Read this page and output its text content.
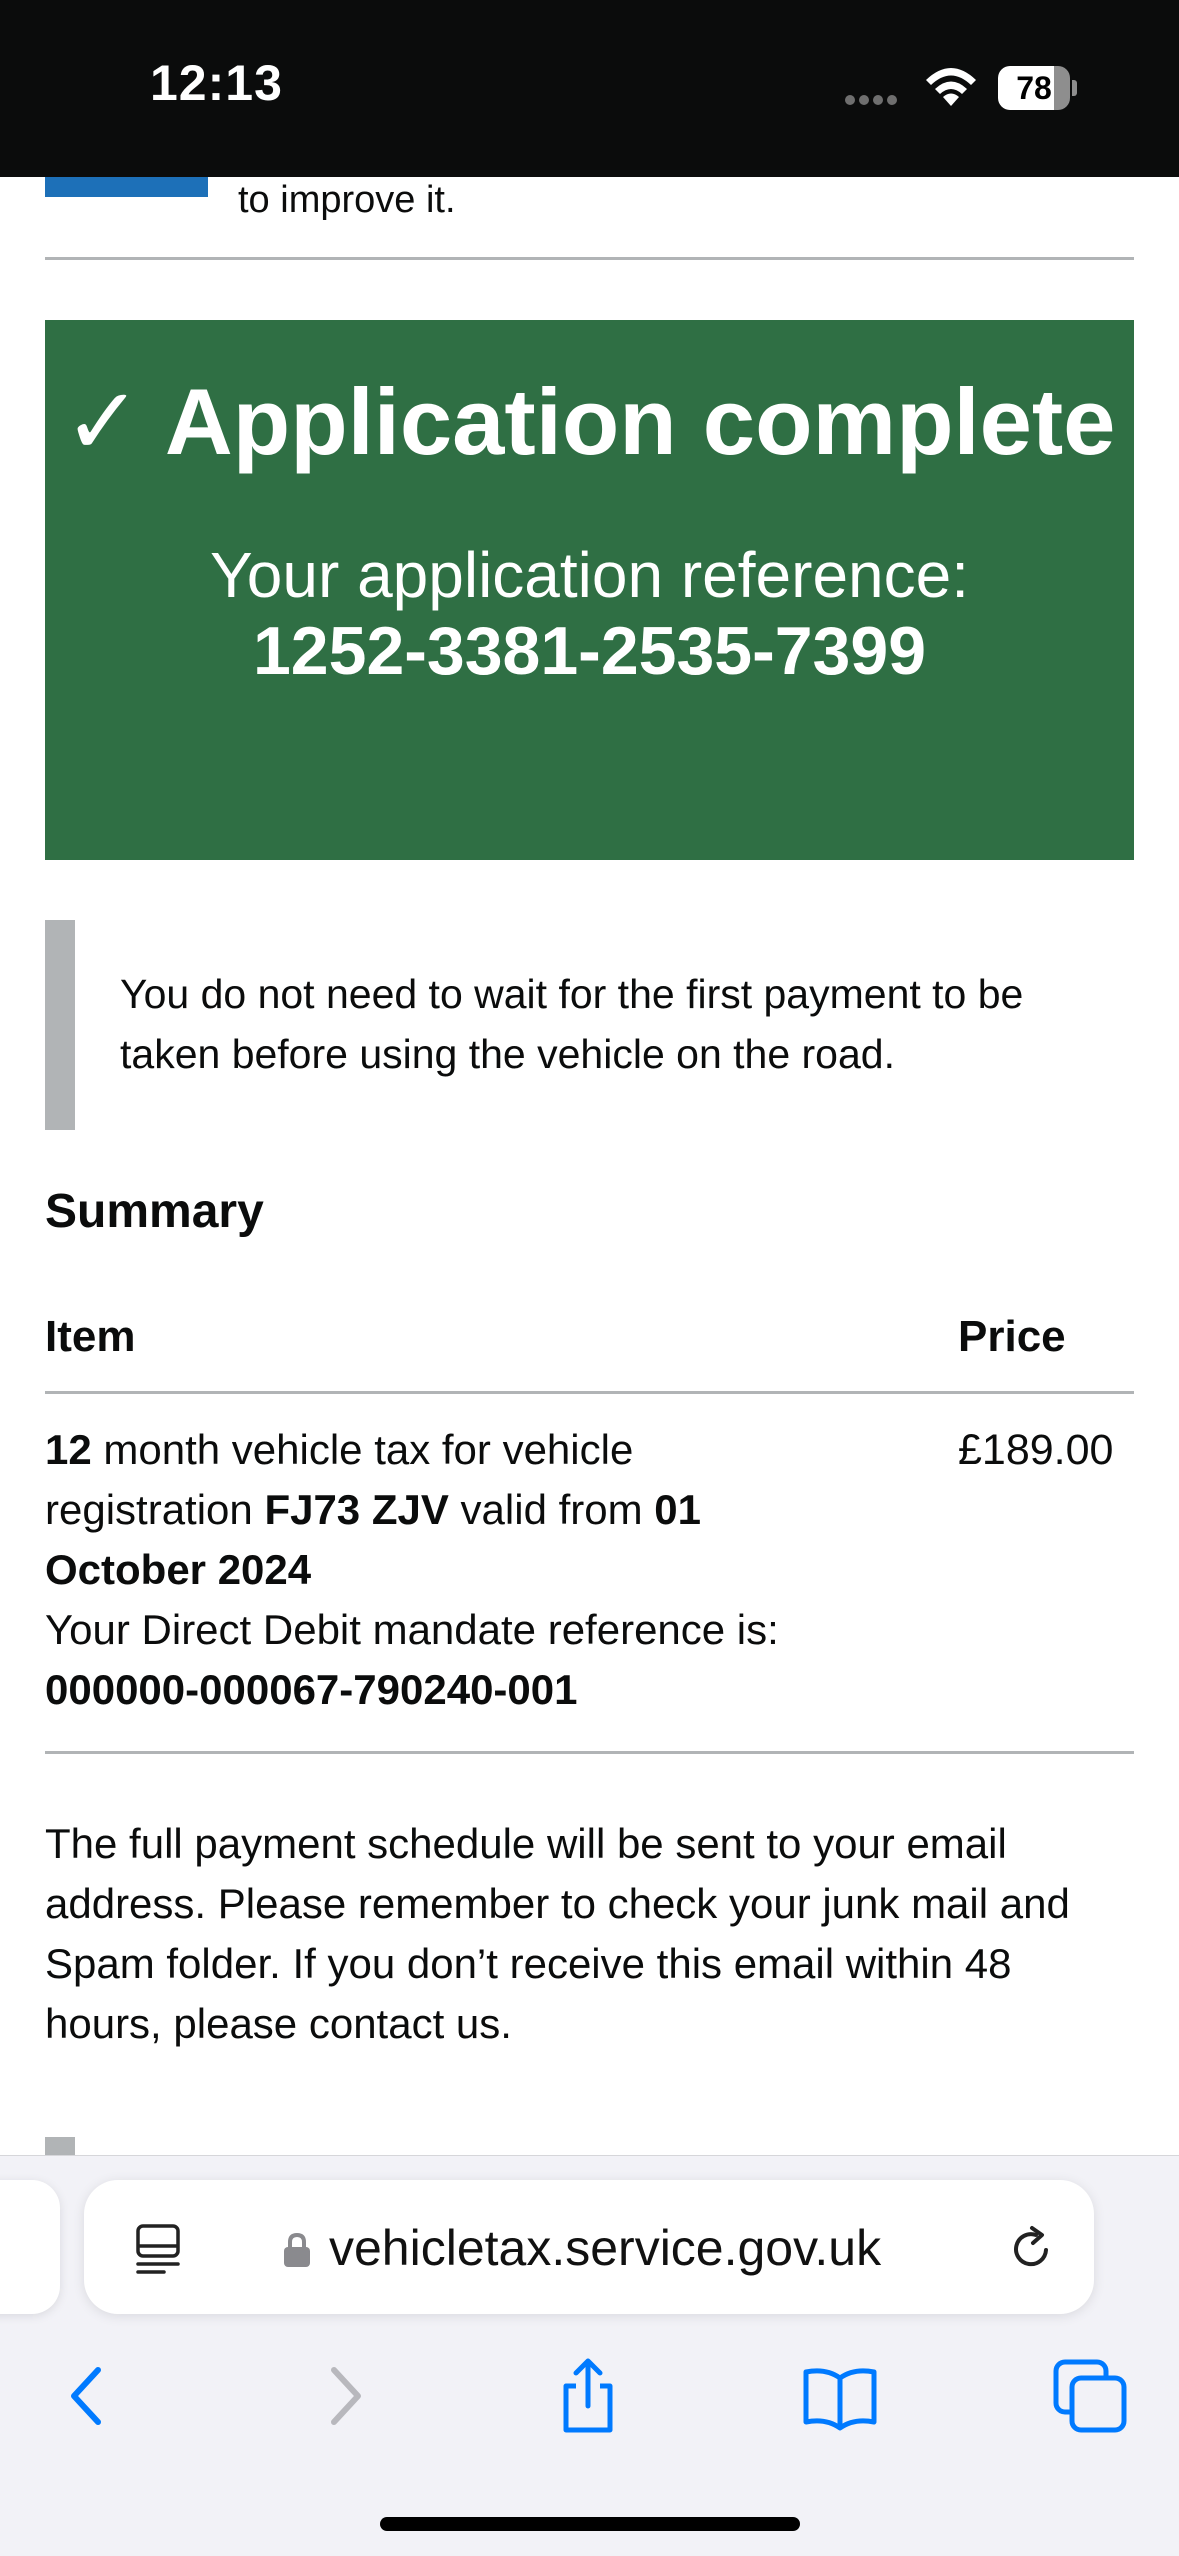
12:13	78
to improve it.
✓ Application complete
Your application reference:
1252-3381-2535-7399
You do not need to wait for the first payment to be taken before using the vehicle on the road.
Summary
Item	Price
12 month vehicle tax for vehicle registration FJ73 ZJV valid from 01 October 2024
Your Direct Debit mandate reference is:
000000-000067-790240-001
£189.00

The full payment schedule will be sent to your email address. Please remember to check your junk mail and Spam folder. If you don’t receive this email within 48 hours, please contact us.

vehicletax.service.gov.uk
